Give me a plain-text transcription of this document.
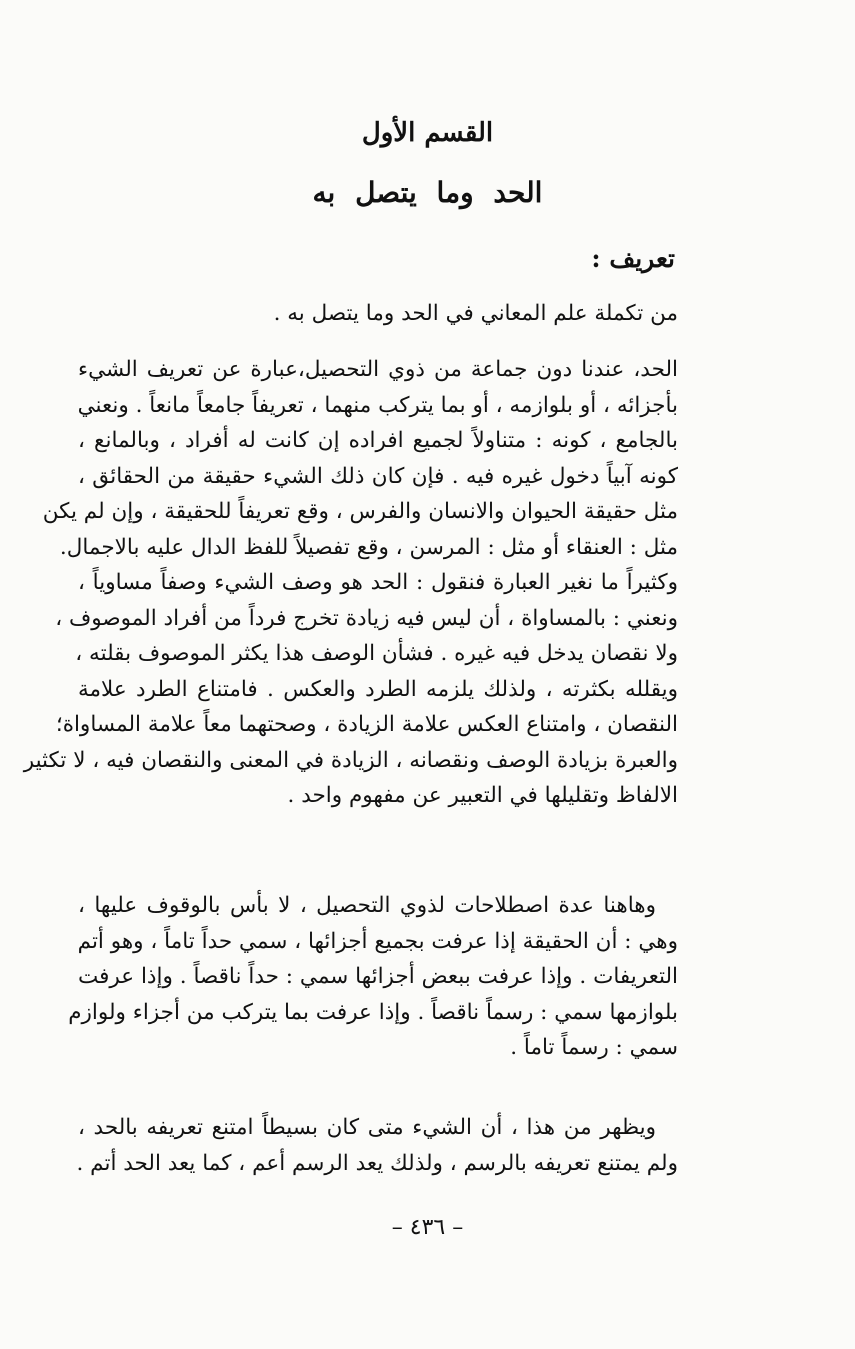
القسم الأول
الحد وما يتصل به
تعريف :
من تكملة علم المعاني في الحد وما يتصل به .
الحد، عندنا دون جماعة من ذوي التحصيل،عبارة عن تعريف الشيء
بأجزائه ، أو بلوازمه ، أو بما يتركب منهما ، تعريفاً جامعاً مانعاً . ونعني
بالجامع ، كونه : متناولاً لجميع افراده إن كانت له أفراد ، وبالمانع ،
كونه آبياً دخول غيره فيه . فإن كان ذلك الشيء حقيقة من الحقائق ،
مثل حقيقة الحيوان والانسان والفرس ، وقع تعريفاً للحقيقة ، وإن لم يكن
مثل : العنقاء أو مثل : المرسن ، وقع تفصيلاً للفظ الدال عليه بالاجمال.
وكثيراً ما نغير العبارة فنقول : الحد هو وصف الشيء وصفاً مساوياً ،
ونعني : بالمساواة ، أن ليس فيه زيادة تخرج فرداً من أفراد الموصوف ،
ولا نقصان يدخل فيه غيره . فشأن الوصف هذا يكثر الموصوف بقلته ،
ويقلله بكثرته ، ولذلك يلزمه الطرد والعكس . فامتناع الطرد علامة
النقصان ، وامتناع العكس علامة الزيادة ، وصحتهما معاً علامة المساواة؛
والعبرة بزيادة الوصف ونقصانه ، الزيادة في المعنى والنقصان فيه ، لا تكثير
الالفاظ وتقليلها في التعبير عن مفهوم واحد .
وهاهنا عدة اصطلاحات لذوي التحصيل ، لا بأس بالوقوف عليها ،
وهي : أن الحقيقة إذا عرفت بجميع أجزائها ، سمي حداً تاماً ، وهو أتم
التعريفات . وإذا عرفت ببعض أجزائها سمي : حداً ناقصاً . وإذا عرفت
بلوازمها سمي : رسماً ناقصاً . وإذا عرفت بما يتركب من أجزاء ولوازم
سمي : رسماً تاماً .
ويظهر من هذا ، أن الشيء متى كان بسيطاً امتنع تعريفه بالحد ،
ولم يمتنع تعريفه بالرسم ، ولذلك يعد الرسم أعم ، كما يعد الحد أتم .
– ٤٣٦ –
